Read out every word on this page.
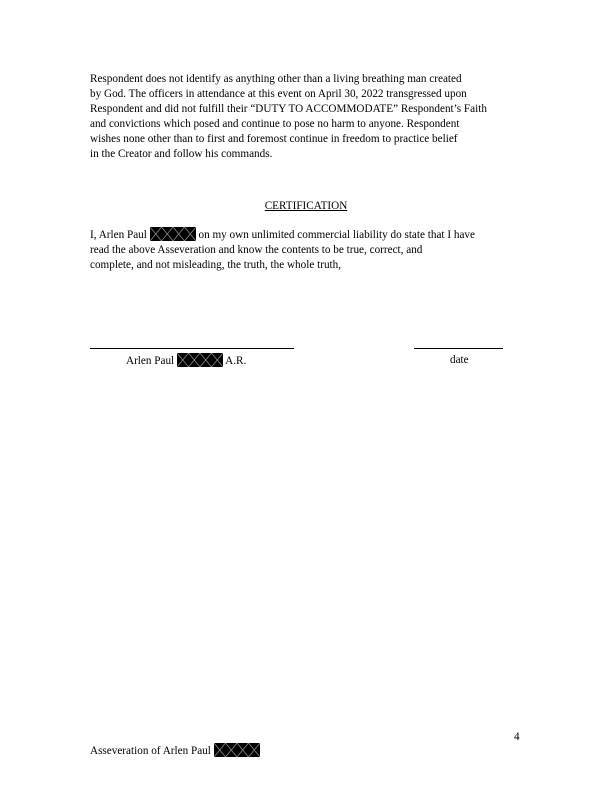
Respondent does not identify as anything other than a living breathing man created
by God. The officers in attendance at this event on April 30, 2022 transgressed upon
Respondent and did not fulfill their “DUTY TO ACCOMMODATE” Respondent’s Faith
and convictions which posed and continue to pose no harm to anyone. Respondent
wishes none other than to first and foremost continue in freedom to practice belief
in the Creator and follow his commands.
CERTIFICATION
I, Arlen Paul	on my own unlimited commercial liability do state that I have
read the above Asseveration and know the contents to be true, correct, and
complete, and not misleading, the truth, the whole truth,
Arlen Paul	A.R.	date
4
Asseveration of Arlen Paul
